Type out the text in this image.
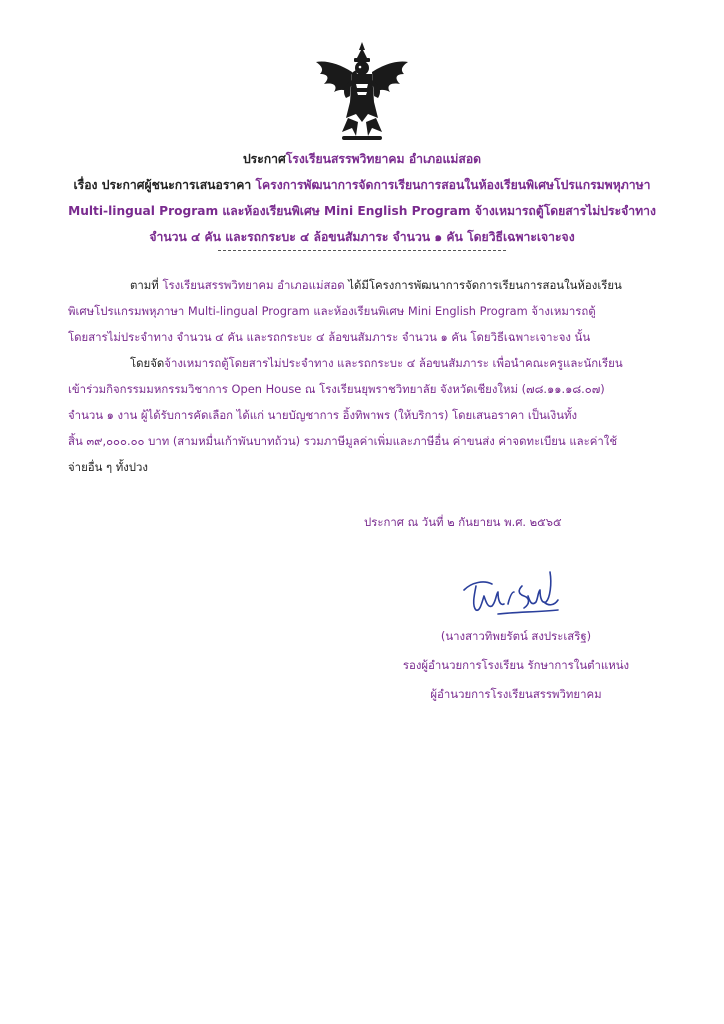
ประกาศโรงเรียนสรรพวิทยาคม อำเภอแม่สอด
เรื่อง ประกาศผู้ชนะการเสนอราคา โครงการพัฒนาการจัดการเรียนการสอนในห้องเรียนพิเศษโปรแกรมพหุภาษา
Multi-lingual Program และห้องเรียนพิเศษ Mini English Program จ้างเหมารถตู้โดยสารไม่ประจำทาง
จำนวน ๔ คัน และรถกระบะ ๔ ล้อขนสัมภาระ จำนวน ๑ คัน โดยวิธีเฉพาะเจาะจง
ตามที่ โรงเรียนสรรพวิทยาคม อำเภอแม่สอด ได้มีโครงการพัฒนาการจัดการเรียนการสอนในห้องเรียน
พิเศษโปรแกรมพหุภาษา Multi-lingual Program และห้องเรียนพิเศษ Mini English Program จ้างเหมารถตู้
โดยสารไม่ประจำทาง จำนวน ๔ คัน และรถกระบะ ๔ ล้อขนสัมภาระ จำนวน ๑ คัน โดยวิธีเฉพาะเจาะจง นั้น
โดยจัดจ้างเหมารถตู้โดยสารไม่ประจำทาง และรถกระบะ ๔ ล้อขนสัมภาระ เพื่อนำคณะครูและนักเรียน
เข้าร่วมกิจกรรมมหกรรมวิชาการ Open House ณ โรงเรียนยุพราชวิทยาลัย จังหวัดเชียงใหม่ (๗๘.๑๑.๑๘.๐๗)
จำนวน ๑ งาน ผู้ได้รับการคัดเลือก ได้แก่ นายบัญชาการ อิ้งทิพาพร (ให้บริการ) โดยเสนอราคา เป็นเงินทั้ง
สิ้น ๓๙,๐๐๐.๐๐ บาท (สามหมื่นเก้าพันบาทถ้วน) รวมภาษีมูลค่าเพิ่มและภาษีอื่น ค่าขนส่ง ค่าจดทะเบียน และค่าใช้
จ่ายอื่น ๆ ทั้งปวง
ประกาศ ณ วันที่ ๒ กันยายน พ.ศ. ๒๕๖๕
(นางสาวทิพยรัตน์ สงประเสริฐ)
รองผู้อำนวยการโรงเรียน รักษาการในตำแหน่ง
ผู้อำนวยการโรงเรียนสรรพวิทยาคม
